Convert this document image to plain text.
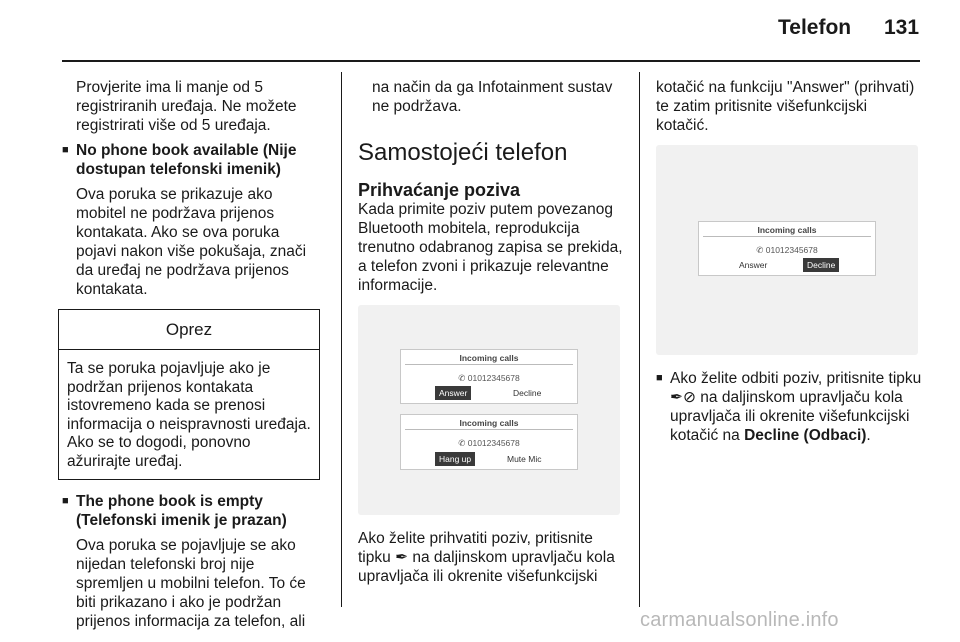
Telefon 131

Provjerite ima li manje od 5 registriranih uređaja. Ne možete registrirati više od 5 uređaja.

■ No phone book available (Nije dostupan telefonski imenik)

Ova poruka se prikazuje ako mobitel ne podržava prijenos kontakata. Ako se ova poruka pojavi nakon više pokušaja, znači da uređaj ne podržava prijenos kontakata.

Oprez
Ta se poruka pojavljuje ako je podržan prijenos kontakata istovremeno kada se prenosi informacija o neispravnosti uređaja. Ako se to dogodi, ponovno ažurirajte uređaj.

■ The phone book is empty (Telefonski imenik je prazan)

Ova poruka se pojavljuje se ako nijedan telefonski broj nije spremljen u mobilni telefon. To će biti prikazano i ako je podržan prijenos informacija za telefon, ali

na način da ga Infotainment sustav ne podržava.

Samostojeći telefon
Prihvaćanje poziva

Kada primite poziv putem povezanog Bluetooth mobitela, reprodukcija trenutno odabranog zapisa se prekida, a telefon zvoni i prikazuje relevantne informacije.

Incoming calls
✆ 01012345678
Answer	Decline
Incoming calls
✆ 01012345678
Hang up	Mute Mic

Ako želite prihvatiti poziv, pritisnite tipku ✒ na daljinskom upravljaču kola upravljača ili okrenite višefunkcijski

kotačić na funkciju "Answer" (prihvati) te zatim pritisnite višefunkcijski kotačić.

Incoming calls
✆ 01012345678
Answer	Decline

■ Ako želite odbiti poziv, pritisnite tipku ✒⊘ na daljinskom upravljaču kola upravljača ili okrenite višefunkcijski kotačić na Decline (Odbaci).

carmanualsonline.info
